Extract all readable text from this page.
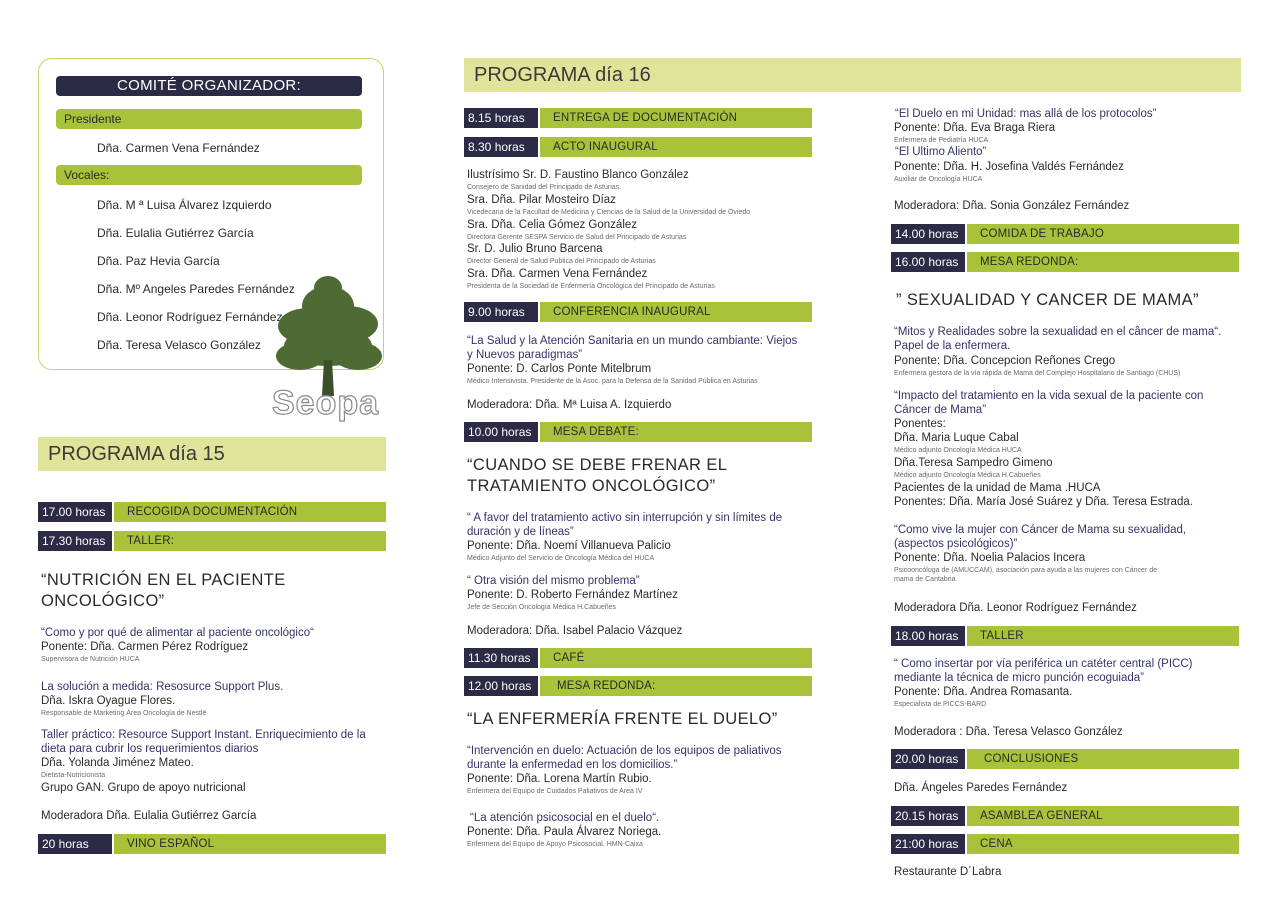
COMITÉ ORGANIZADOR:
Presidente
Dña. Carmen Vena Fernández
Vocales:
Dña. M ª Luisa Álvarez Izquierdo
Dña. Eulalia Gutiérrez García
Dña. Paz Hevia García
Dña. Mº Angeles Paredes Fernández
Dña. Leonor Rodríguez Fernández
Dña. Teresa Velasco González
Seopa
PROGRAMA día 15
17.00 horas	RECOGIDA DOCUMENTACIÓN
17.30 horas	TALLER:
“NUTRICIÓN EN EL PACIENTE
ONCOLÓGICO”
“Como y por qué de alimentar al paciente oncológico“
Ponente: Dña. Carmen Pérez Rodríguez
Supervisora de Nutrición HUCA
La solución a medida: Resosurce Support Plus.
Dña. Iskra Oyague Flores.
Responsable de Marketing Área Oncología de Nestlé
Taller práctico: Resource Support Instant. Enriquecimiento de la
dieta para cubrir los requerimientos diarios
Dña. Yolanda Jiménez Mateo.
Dietista-Nutricionista
Grupo GAN. Grupo de apoyo nutricional
Moderadora Dña. Eulalia Gutiérrez García
20 horas	VINO ESPAÑOL
PROGRAMA día 16
8.15 horas	ENTREGA DE DOCUMENTACIÓN
8.30 horas	ACTO INAUGURAL
Ilustrísimo Sr. D. Faustino Blanco González
Consejero de Sanidad del Principado de Asturias.
Sra. Dña. Pilar Mosteiro Díaz
Vicedecana de la Facultad de Medicina y Ciencias de la Salud de la Universidad de Oviedo
Sra. Dña. Celia Gómez González
Directora Gerente SESPA Servicio de Salud del Principado de Asturias
Sr. D. Julio Bruno Barcena
Director General de Salud Publica del Principado de Asturias
Sra. Dña. Carmen Vena Fernández
Presidenta de la Sociedad de Enfermería Oncológica del Principado de Asturias
9.00 horas	CONFERENCIA INAUGURAL
“La Salud y la Atención Sanitaria en un mundo cambiante: Viejos
y Nuevos paradigmas”
Ponente: D. Carlos Ponte Mitelbrum
Médico Intensivista. Presidente de la Asoc. para la Defensa de la Sanidad Pública en Asturias
Moderadora: Dña. Mª Luisa A. Izquierdo
10.00 horas	MESA DEBATE:
“CUANDO SE DEBE FRENAR EL
TRATAMIENTO ONCOLÓGICO”
“ A favor del tratamiento activo sin interrupción y sin límites de
duración y de líneas”
Ponente: Dña. Noemí Villanueva Palicio
Médico Adjunto del Servicio de Oncología Médica del HUCA
“ Otra visión del mismo problema”
Ponente: D. Roberto Fernández Martínez
Jefe de Sección Oncología Médica H.Cabueñes
Moderadora: Dña. Isabel Palacio Vázquez
11.30 horas	CAFÉ
12.00 horas	MESA REDONDA:
“LA ENFERMERÍA FRENTE EL DUELO”
“Intervención en duelo: Actuación de los equipos de paliativos
durante la enfermedad en los domicilios.”
Ponente: Dña. Lorena Martín Rubio.
Enfermera del Equipo de Cuidados Paliativos de Area IV
“La atención psicosocial en el duelo“.
Ponente: Dña. Paula Álvarez Noriega.
Enfermera del Equipo de Apoyo Psicosocial. HMN-Caixa
“El Duelo en mi Unidad: mas allá de los protocolos”
Ponente: Dña. Eva Braga Riera
Enfermera de Pediatría HUCA
“El Ultimo Aliento”
Ponente: Dña. H. Josefina Valdés Fernández
Auxiliar de Oncología HUCA
Moderadora: Dña. Sonia González Fernández
14.00 horas	COMIDA DE TRABAJO
16.00 horas	MESA REDONDA:
” SEXUALIDAD Y CANCER DE MAMA”
“Mitos y Realidades sobre la sexualidad en el câncer de mama“.
Papel de la enfermera.
Ponente: Dña. Concepcion Reñones Crego
Enfermera gestora de la vía rápida de Mama del Complejo Hospitalario de Santiago (CHUS)
“Impacto del tratamiento en la vida sexual de la paciente con
Cáncer de Mama”
Ponentes:
Dña. Maria Luque Cabal
Médico adjunto Oncología Médica HUCA
Dña.Teresa Sampedro Gimeno
Médico adjunto Oncología Médica H.Cabueñes
Pacientes de la unidad de Mama .HUCA
Ponentes: Dña. María José Suárez y Dña. Teresa Estrada.
“Como vive la mujer con Cáncer de Mama su sexualidad,
(aspectos psicológicos)”
Ponente: Dña. Noelia Palacios Incera
Psicooncóloga de (AMUCCAM), asociación para ayuda a las mujeres con Cáncer de
mama de Cantabria
Moderadora Dña. Leonor Rodríguez Fernández
18.00 horas	TALLER
“ Como insertar por vía periférica un catéter central (PICC)
mediante la técnica de micro punción ecoguiada”
Ponente: Dña. Andrea Romasanta.
Especialista de PICCS-BARD
Moderadora : Dña. Teresa Velasco González
20.00 horas	CONCLUSIONES
Dña. Ángeles Paredes Fernández
20.15 horas	ASAMBLEA GENERAL
21:00 horas	CENA
Restaurante D´Labra
